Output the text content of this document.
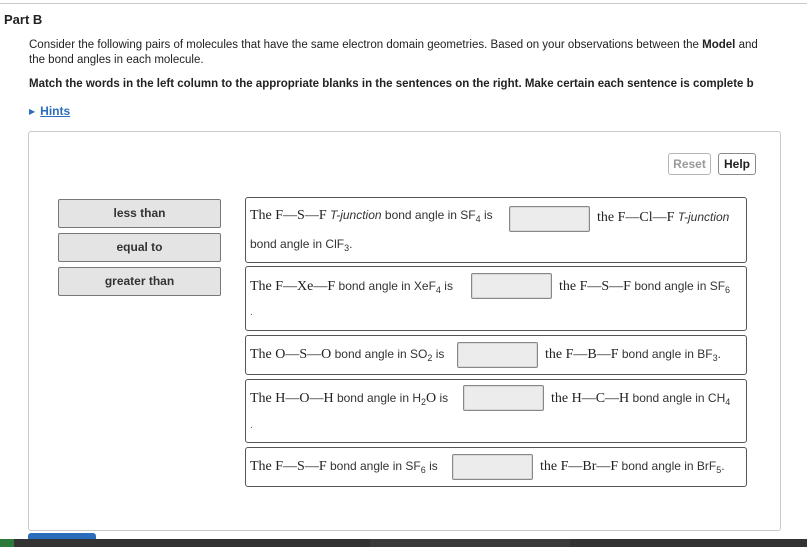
Part B
Consider the following pairs of molecules that have the same electron domain geometries. Based on your observations between the Model and
the bond angles in each molecule.
Match the words in the left column to the appropriate blanks in the sentences on the right. Make certain each sentence is complete b
▶ Hints
Reset	Help
less than
equal to
greater than
The F—S—F T-junction bond angle in $SF_4$ is	the F—Cl—F T-junction
bond angle in ClF$_3$.
The F—Xe—F bond angle in XeF$_4$ is	the F—S—F bond angle in $SF_6$
.
The O—S—O bond angle in $SO_2$ is	the F—B—F bond angle in $BF_3$.
The H—O—H bond angle in $H_2O$ is	the H—C—H bond angle in $CH_4$
.
The F—S—F bond angle in $SF_6$ is	the F—Br—F bond angle in BrF$_5$.
